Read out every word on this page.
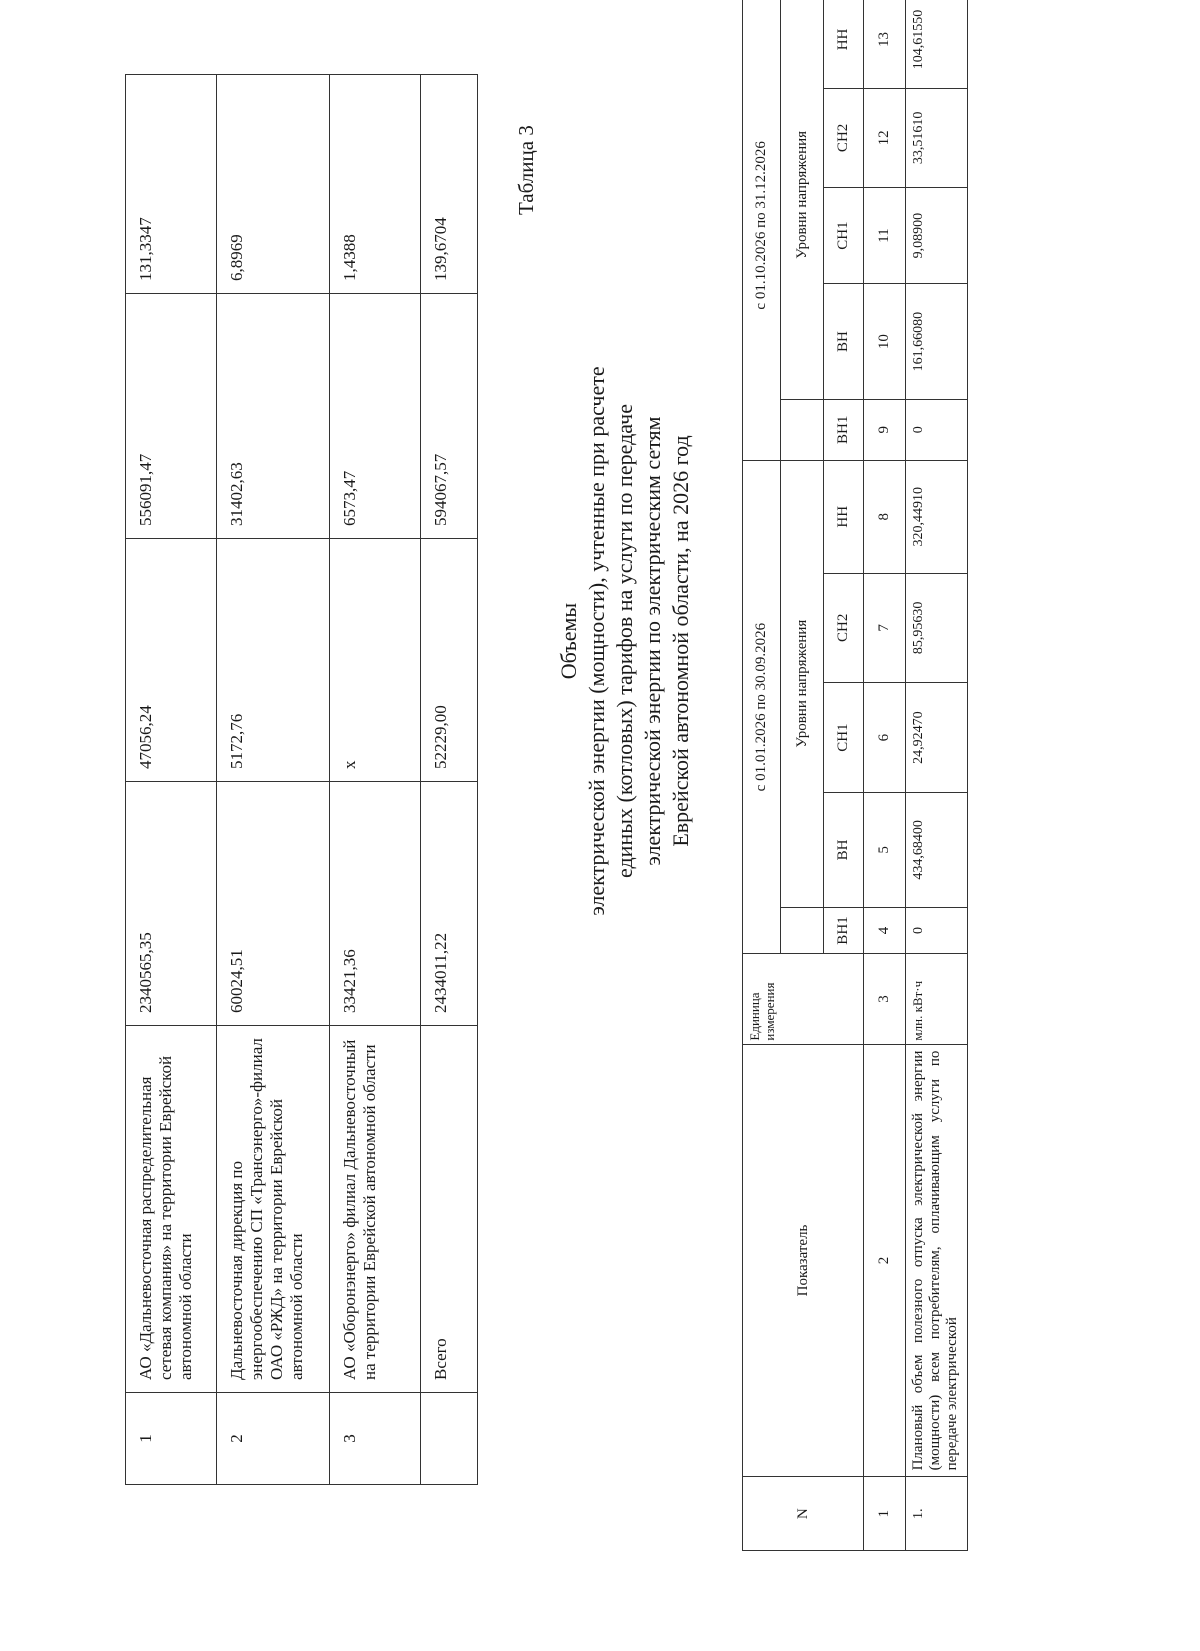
1	АО «Дальневосточная распределительная сетевая компания» на территории Еврейской автономной области	2340565,35	47056,24	556091,47	131,3347
2	Дальневосточная дирекция по энергообеспечению СП «Трансэнерго»-филиал ОАО «РЖД» на территории Еврейской автономной области	60024,51	5172,76	31402,63	6,8969
3	АО «Оборонэнерго» филиал Дальневосточный на территории Еврейской автономной области	33421,36	x	6573,47	1,4388
	Всего	2434011,22	52229,00	594067,57	139,6704
Таблица 3
Объемы электрической энергии (мощности), учтенные при расчете единых (котловых) тарифов на услуги по передаче электрической энергии по электрическим сетям Еврейской автономной области, на 2026 год
N	Показатель	Единица измерения	с 01.01.2026 по 30.09.2026					с 01.10.2026 по 31.12.2026				
				Уровни напряжения					Уровни напряжения			
			ВН1	ВН	СН1	СН2	НН	ВН1	ВН	СН1	СН2	НН
1	2	3	4	5	6	7	8	9	10	11	12	13
1.	Плановый объем полезного отпуска электрической энергии (мощности) всем потребителям, оплачивающим услуги по передаче электрической	млн. кВт·ч	0	434,68400	24,92470	85,95630	320,44910	0	161,66080	9,08900	33,51610	104,61550
